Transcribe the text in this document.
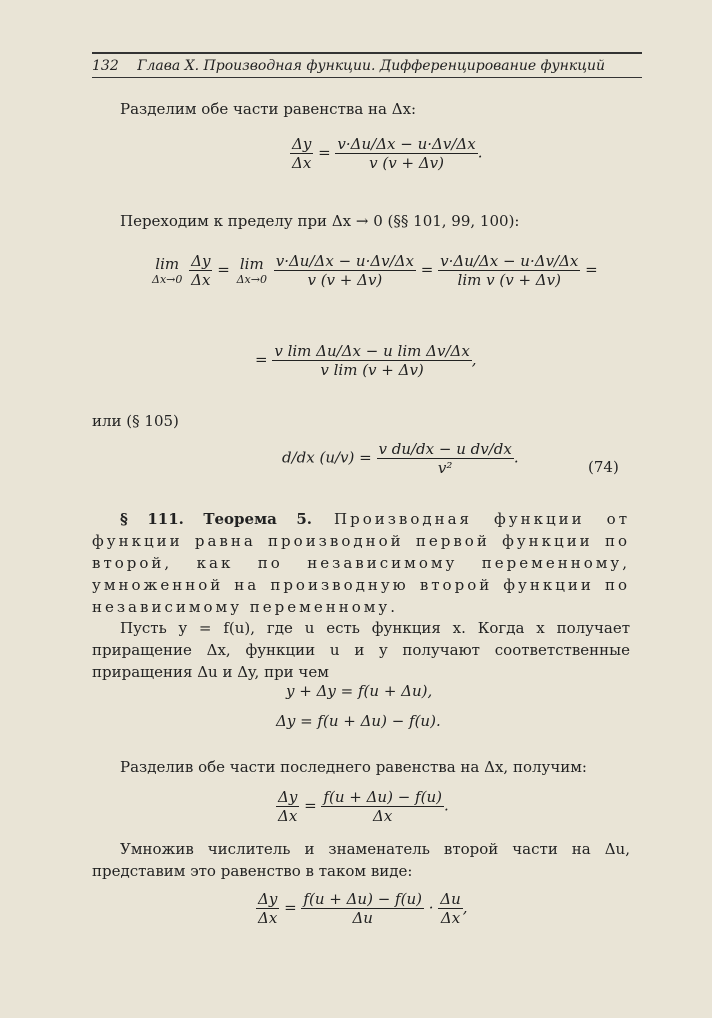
132 Глава X. Производная функции. Дифференцирование функций
Разделим обе части равенства на Δx:
$\frac{\Delta y}{\Delta x} = \frac{v\cdot\Delta u/\Delta x - u\cdot\Delta v/\Delta x}{v (v + \Delta v)}$ .
Переходим к пределу при Δx → 0 (§§ 101, 99, 100):
lim
Δx→0
$\frac{\Delta y}{\Delta x} = \lim$
Δx→0
$\frac{v\cdot\Delta u/\Delta x - u\cdot\Delta v/\Delta x}{v (v + \Delta v)} = \frac{v\cdot\Delta u/\Delta x - u\cdot\Delta v/\Delta x}{\text{lim v (v + Δv)}}$ =
= $\frac{\text{v lim Δu/Δx − u lim Δv/Δx}}{\text{v lim (v + Δv)}}$ ,
или (§ 105)
d/dx $(u/v) = \frac{\text{v du/dx − u dv/dx}}{\text{v²}}$ .
(74)
§ 111. Теорема 5. Производная функции от функции равна производной первой функции по второй, как по независимому переменному, умноженной на производную второй функции по независимому переменному.
Пусть y = f(u), где u есть функция x. Когда x получает приращение Δx, функции u и y получают соответственные приращения Δu и Δy, при чем
y + Δy = f(u + Δu),
Δy = f(u + Δu) − f(u).
Разделив обе части последнего равенства на Δx, получим:
$\frac{\Delta y}{\Delta x} = \frac{f(u + \Delta u) - f(u)}{\Delta x}$ .
Умножив числитель и знаменатель второй части на Δu, представим это равенство в таком виде:
$\frac{\Delta y}{\Delta x} = \frac{f(u + \Delta u) - f(u)}{\Delta u} \cdot \frac{\Delta u}{\Delta x}$ ,
